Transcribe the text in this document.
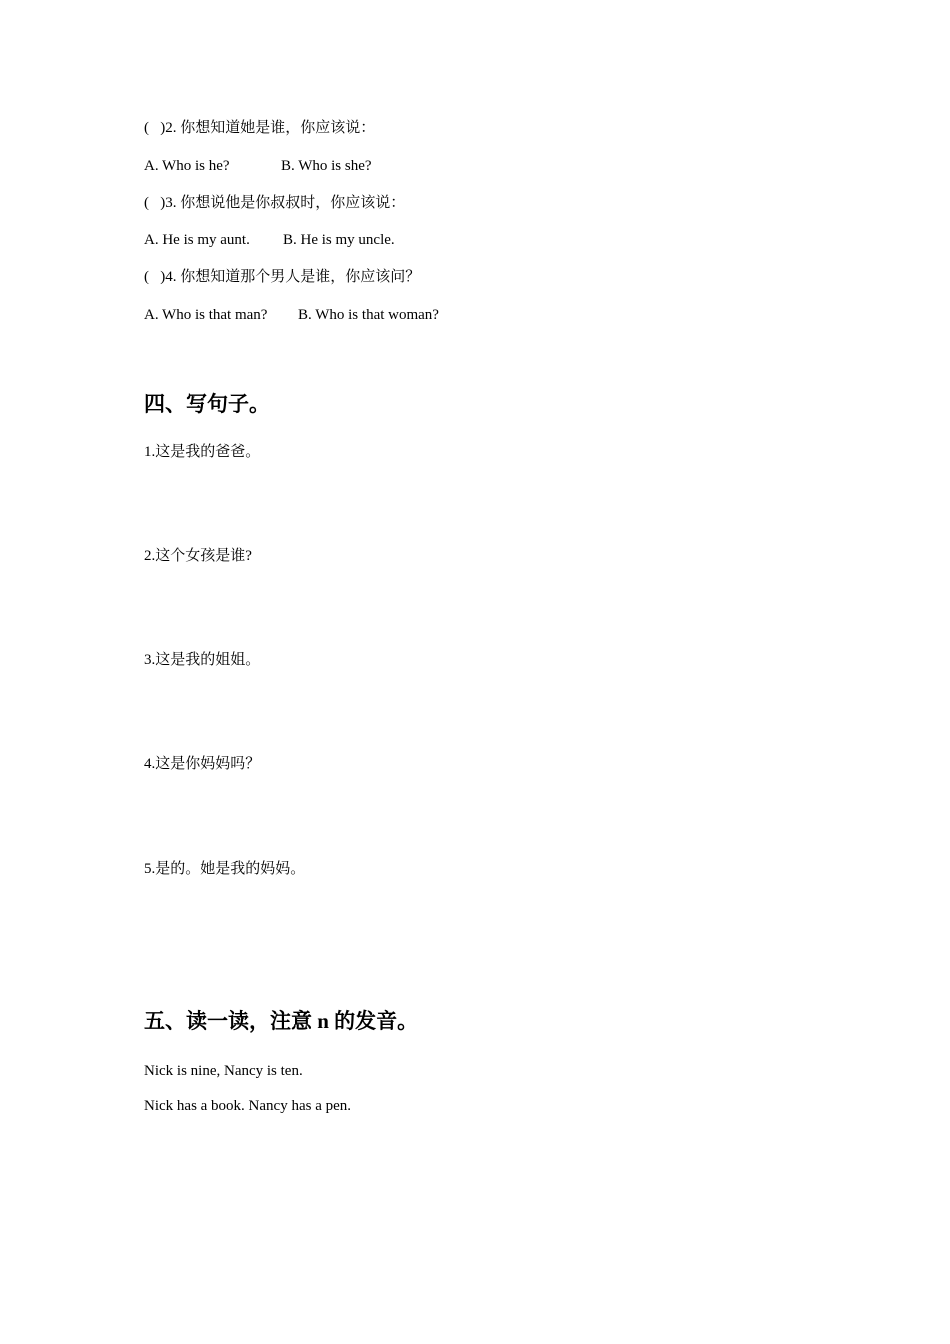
(   )2. 你想知道她是谁，你应该说：
A. Who is he?	B. Who is she?
(   )3. 你想说他是你叔叔时，你应该说：
A. He is my aunt. B. He is my uncle.
(   )4. 你想知道那个男人是谁，你应该问？
A. Who is that man? B. Who is that woman?
四、写句子。
1.这是我的爸爸。
2.这个女孩是谁?
3.这是我的姐姐。
4.这是你妈妈吗？
5.是的。她是我的妈妈。
五、读一读，注意 n 的发音。
Nick is nine, Nancy is ten.
Nick has a book. Nancy has a pen.
